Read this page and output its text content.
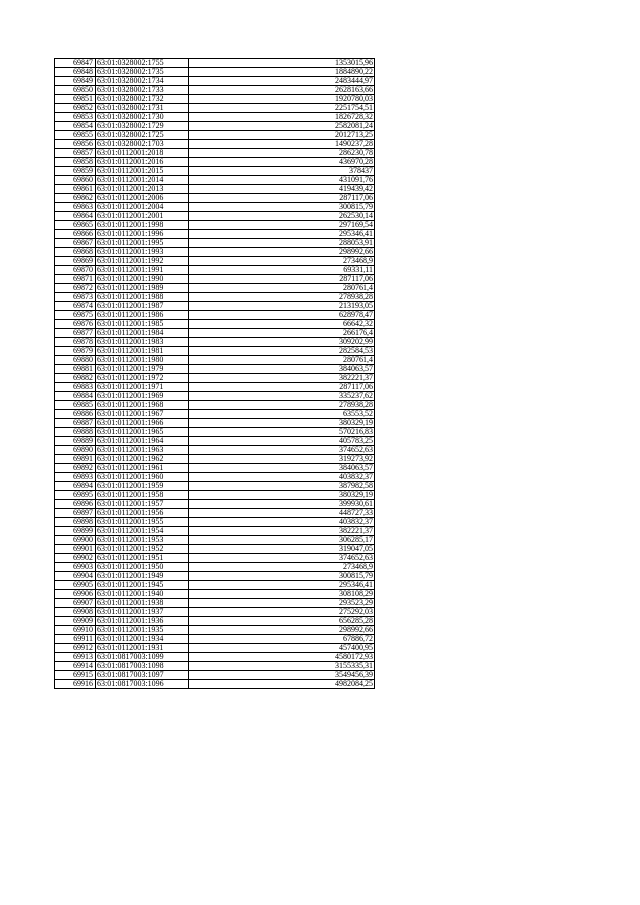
69847	63:01:0328002:1755	1353015,96
69848	63:01:0328002:1735	1884890,22
69849	63:01:0328002:1734	2483444,97
69850	63:01:0328002:1733	2628163,66
69851	63:01:0328002:1732	1920780,03
69852	63:01:0328002:1731	2251754,51
69853	63:01:0328002:1730	1826728,32
69854	63:01:0328002:1729	2582081,24
69855	63:01:0328002:1725	2012713,25
69856	63:01:0328002:1703	1490237,28
69857	63:01:0112001:2018	286230,78
69858	63:01:0112001:2016	436970,28
69859	63:01:0112001:2015	378437
69860	63:01:0112001:2014	431091,76
69861	63:01:0112001:2013	419439,42
69862	63:01:0112001:2006	287117,06
69863	63:01:0112001:2004	300815,79
69864	63:01:0112001:2001	262530,14
69865	63:01:0112001:1998	297169,54
69866	63:01:0112001:1996	295346,41
69867	63:01:0112001:1995	288053,91
69868	63:01:0112001:1993	298992,66
69869	63:01:0112001:1992	273468,9
69870	63:01:0112001:1991	69331,11
69871	63:01:0112001:1990	287117,06
69872	63:01:0112001:1989	280761,4
69873	63:01:0112001:1988	278938,28
69874	63:01:0112001:1987	213193,05
69875	63:01:0112001:1986	628978,47
69876	63:01:0112001:1985	66642,32
69877	63:01:0112001:1984	266176,4
69878	63:01:0112001:1983	309202,99
69879	63:01:0112001:1981	282584,53
69880	63:01:0112001:1980	280761,4
69881	63:01:0112001:1979	384063,57
69882	63:01:0112001:1972	382221,37
69883	63:01:0112001:1971	287117,06
69884	63:01:0112001:1969	335237,62
69885	63:01:0112001:1968	278938,28
69886	63:01:0112001:1967	63553,52
69887	63:01:0112001:1966	380329,19
69888	63:01:0112001:1965	570216,83
69889	63:01:0112001:1964	405783,25
69890	63:01:0112001:1963	374652,63
69891	63:01:0112001:1962	319273,92
69892	63:01:0112001:1961	384063,57
69893	63:01:0112001:1960	403832,37
69894	63:01:0112001:1959	387982,58
69895	63:01:0112001:1958	380329,19
69896	63:01:0112001:1957	399930,61
69897	63:01:0112001:1956	448727,33
69898	63:01:0112001:1955	403832,37
69899	63:01:0112001:1954	382221,37
69900	63:01:0112001:1953	306285,17
69901	63:01:0112001:1952	319047,05
69902	63:01:0112001:1951	374652,63
69903	63:01:0112001:1950	273468,9
69904	63:01:0112001:1949	300815,79
69905	63:01:0112001:1945	295346,41
69906	63:01:0112001:1940	308108,29
69907	63:01:0112001:1938	293523,29
69908	63:01:0112001:1937	275292,03
69909	63:01:0112001:1936	656285,28
69910	63:01:0112001:1935	298992,66
69911	63:01:0112001:1934	67886,72
69912	63:01:0112001:1931	457400,95
69913	63:01:0817003:1099	4580172,93
69914	63:01:0817003:1098	3155335,31
69915	63:01:0817003:1097	3549456,39
69916	63:01:0817003:1096	4982084,25
